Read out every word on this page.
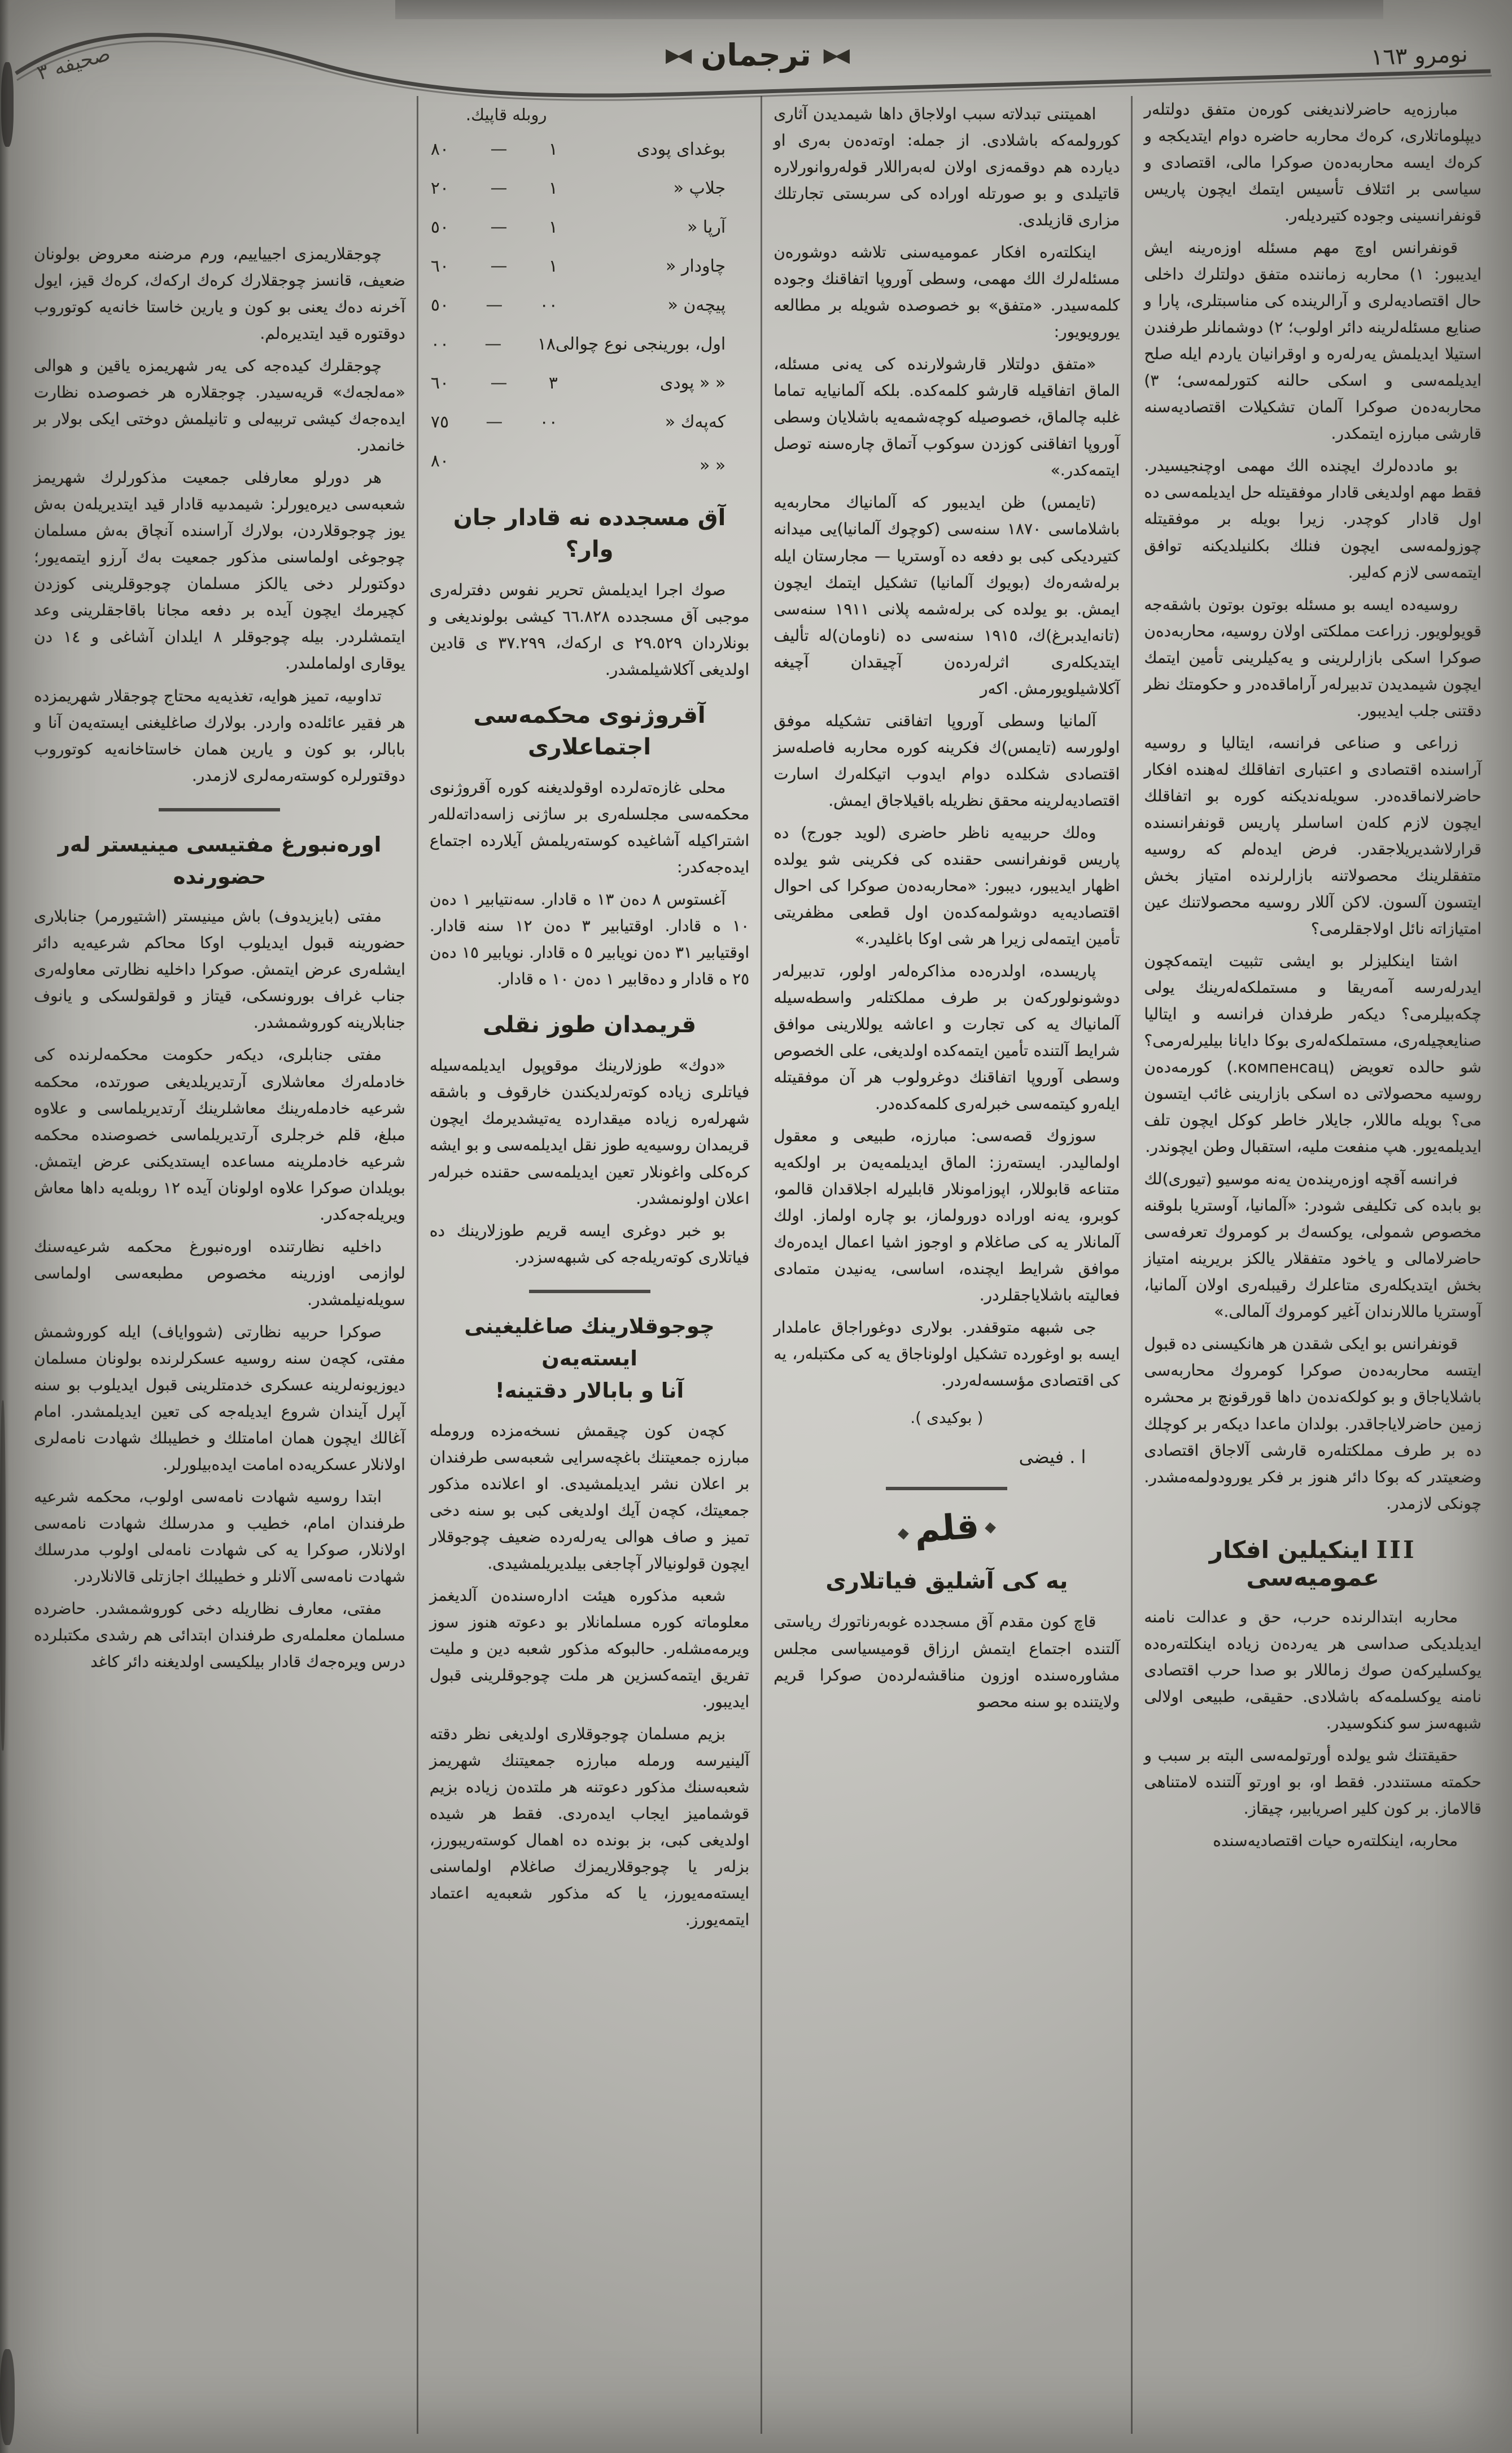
صحيفه ٣	◀▶
ترجمان
◀▶	نومرو ١٦٣
مبارزەيه حاضرلانديغنى كورەن متفق دولتلەر ديپلوماتلارى، كرەك محاربه حاضره دوام ايتديكجه و كرەك ايسه محاربەدەن صوكرا مالى، اقتصادى و سياسى بر ائتلاف تأسيس ايتمك ايچون پاريس قونفرانسينى وجوده كتيرديلەر.
قونفرانس اوچ مهم مسئله اوزەرينه ايش ايديبور: ١) محاربه زماننده متفق دولتلرك داخلى حال اقتصاديەلرى و آرالرينده كى مناسبتلرى، پارا و صنايع مسئلەلرينه دائر اولوب؛ ٢) دوشمانلر طرفندن استيلا ايديلمش يەرلەره و اوقرانيان ياردم ايله صلح ايديلمەسى و اسكى حالنه كتورلمەسى؛ ٣) محاربەدەن صوكرا آلمان تشكيلات اقتصاديەسنه قارشى مبارزه ايتمكدر.
بو ماددەلرك ايچنده الك مهمى اوچنجيسيدر. فقط مهم اولديغى قادار موفقيتله حل ايديلمەسى ده اول قادار كوچدر. زيرا بويله بر موفقيتله چوزولمەسى ايچون فنلك بكلنيلديكنه توافق ايتمەسى لازم كەلير.
روسيەده ايسه بو مسئله بوتون بوتون باشقەجه قويولويور. زراعت مملكتى اولان روسيه، محاربەدەن صوكرا اسكى بازارلرينى و يەكيلرينى تأمين ايتمك ايچون شيمديدن تدبيرلەر آراماقدەدر و حكومتك نظر دقتنى جلب ايديبور.
زراعى و صناعى فرانسه، ايتاليا و روسيه آراسنده اقتصادى و اعتبارى اتفاقلك لەهنده افكار حاضرلانماقدەدر. سويلەنديكنه كوره بو اتفاقلك ايچون لازم كلەن اساسلر پاريس قونفرانسنده قرارلاشديريلاجقدر. فرض ايدەلم كه روسيه متفقلرينك محصولاتنه بازارلرنده امتياز بخش ايتسون آلسون. لاكن آللار روسيه محصولاتنك عين امتيازاته نائل اولاجقلرمى؟
اشتا اينكليزلر بو ايشى تثبيت ايتمەكچون ايدرلەرسه آمەريقا و مستملكەلەرينك يولى چكەبيلرمى؟ ديكەر طرفدان فرانسه و ايتاليا صنايعچيلەرى، مستملكەلەرى بوكا دايانا بيليرلەرمى؟ شو حالده تعويض (компенсац.) كورمەدەن روسيه محصولاتى ده اسكى بازارينى غائب ايتسون مى؟ بويله ماللار، جايلار خاطر كوكل ايچون تلف ايديلمەيور. هپ منفعت مليه، استقبال وطن ايچوندر.
فرانسه آقچه اوزەريندەن يەنه موسيو (تيورى)لك بو بابدە كى تكليفى شودر: «آلمانيا، آوستريا بلوقنه مخصوص شمولى، يوكسەك بر كومروك تعرفەسى حاضرلامالى و ياخود متفقلار يالكز بريرينه امتياز بخش ايتديكلەرى متاعلرك رقيبلەرى اولان آلمانيا، آوستريا ماللارندان آغير كومروك آلمالى.»
قونفرانس بو ايكى شقدن هر هانكيسنى ده قبول ايتسه محاربەدەن صوكرا كومروك محاربەسى باشلاياجاق و بو كولكەندەن داها قورقونچ بر محشره زمين حاضرلاياجاقدر. بولدان ماعدا ديكەر بر كوچلك ده بر طرف مملكتلەره قارشى آلاجاق اقتصادى وضعيتدر كه بوكا دائر هنوز بر فكر يورودولمەمشدر. چونكى لازمدر.
IIIاينكيلين افكار عموميەسى
محاربه ابتدالرنده حرب، حق و عدالت نامنه ايديلديكى صداسى هر يەردەن زياده اينكلتەرەده يوكسليركەن صوك زماللار بو صدا حرب اقتصادى نامنه يوكسلمەكه باشلادى. حقيقى، طبيعى اولالى شبهەسز سو كنكوسيدر.
حقيقتنك شو يولده أورتولمەسى البته بر سبب و حكمته مستنددر. فقط او، بو اورتو آلتنده لامتناهى قالاماز. بر كون كلير اصريابير، چيقاز.
محاربه، اينكلتەره حيات اقتصاديەسنده
اهميتنى تبدلاته سبب اولاجاق داها شيمديدن آثارى كورولمەكه باشلادى. از جمله: اوتەدەن بەرى او ديارده هم دوقمەزى اولان لەبەراللار قولەروانورلاره قاتيلدى و بو صورتله اورادە كى سربستى تجارتلك مزارى قازيلدى.
اينكلتەرە افكار عموميەسنى تلاشه دوشورەن مسئلەلرك الك مهمى، وسطى آوروپا اتفاقنك وجوده كلمەسيدر. «متفق» بو خصوصده شويله بر مطالعه يورويويور:
«متفق دولتلار قارشولارنده كى يەنى مسئله، الماق اتفاقيله قارشو كلمەكده. بلكه آلمانيايه تماما غلبه چالماق، خصوصيله كوچەشمەيه باشلايان وسطى آوروپا اتفاقنى كوزدن سوكوب آتماق چارەسنه توصل ايتمەكدر.»
(تايمس) ظن ايديبور كه آلمانياك محاربەيه باشلاماسى ١٨٧٠ سنەسى (كوچوك آلمانيا)يى ميدانه كتيرديكى كبى بو دفعه ده آوستريا — مجارستان ايله برلەشەرەك (بويوك آلمانيا) تشكيل ايتمك ايچون ايمش. بو يولدە كى برلەشمه پلانى ١٩١١ سنەسى (تانەايدبرغ)ك، ١٩١٥ سنەسى ده (ناومان)لە تأليف ايتديكلەرى اثرلەردەن آچيقدان آچيغه آكلاشيلويورمش. اكەر
آلمانيا وسطى آوروپا اتفاقنى تشكيله موفق اولورسه (تايمس)ك فكرينه كوره محاربه فاصلەسز اقتصادى شكلده دوام ايدوب اتيكلەرك اسارت اقتصاديەلرينه محقق نظريله باقيلاجاق ايمش.
وەلك حربيەيه ناظر حاضرى (لويد جورج) ده پاريس قونفرانسى حقنده كى فكرينى شو يولده اظهار ايديبور، ديبور: «محاربەدەن صوكرا كى احوال اقتصاديەيه دوشولمەكدەن اول قطعى مظفريتى تأمين ايتمەلى زيرا هر شى اوكا باغليدر.»
پاريسده، اولدرەده مذاكرەلەر اولور، تدبيرلەر دوشونولوركەن بر طرف مملكتلەر واسطەسيله آلمانياك يە كى تجارت و اعاشه يوللارينى موافق شرايط آلتنده تأمين ايتمەكده اولديغى، على الخصوص وسطى آوروپا اتفاقنك دوغرولوب هر آن موفقيتله ايلەرو كيتمەسى خبرلەرى كلمەكدەدر.
سوزوك قصەسى: مبارزه، طبيعى و معقول اولماليدر. ايستەرز: الماق ايديلمەيەن بر اولكەيه متناعه قابوللار، اپوزامونلار قابليرله اجلاقدان قالمو، كوبرو، يەنه اوراده دورولماز، بو چاره اولماز. اولك آلمانلار يە كى صاغلام و اوجوز اشيا اعمال ايدەرەك موافق شرايط ايچنده، اساسى، يەنيدن متمادى فعاليته باشلاياجقلردر.
جى شبهه متوقفدر. بولارى دوغوراجاق عاملدار ايسه بو اوغورده تشكيل اولوناجاق يە كى مكتبلەر، يە كى اقتصادى مؤسسەلەردر.
( بوكيدى ).
ا . فيضى
◆قلم◆
يە كى آشليق فياتلارى
قاچ كون مقدم آق مسجدده غوبەرناتورك رياستى آلتنده اجتماع ايتمش ارزاق قوميسياسى مجلس مشاورەسنده اوزون مناقشەلردەن صوكرا قريم ولايتنده بو سنه محصو
روبله قاپيك.
بوغداى پودى
١
—
٨٠
جلاپ «
١
—
٢٠
آرپا «
١
—
٥٠
چاودار «
١
—
٦٠
پيچەن «
٠٠
—
٥٠
اول، بورينجى نوع چوالى
١٨
—
٠٠
« « پودى
٣
—
٦٠
كەپەك «
٠٠
—
٧٥
« «
٨٠
آق مسجدده نه قادار جان وار؟
صوك اجرا ايديلمش تحرير نفوس دفترلەرى موجبى آق مسجدده ٦٦.٨٢٨ كيشى بولونديغى و بونلاردان ٢٩.٥٢٩ ى اركەك، ٣٧.٢٩٩ ى قادين اولديغى آكلاشيلمشدر.
آقروژنوى محكمەسى اجتماعلارى
محلى غازەتەلرده اوقولديغنه كوره آقروژنوى محكمەسى مجلسلەرى بر ساژنى زاسەداتەللەر اشتراكيله آشاغيده كوستەريلمش آيلارده اجتماع ايدەجەكدر:
آغستوس ٨ دەن ١٣ ه قادار. سەنتيابير ١ دەن ١٠ ه قادار. اوقتيابير ٣ دەن ١٢ سنه قادار. اوقتيابير ٣١ دەن نويابير ٥ ه قادار. نويابير ١٥ دەن ٢٥ ه قادار و دەقابير ١ دەن ١٠ ه قادار.
قريمدان طوز نقلى
«دوك» طوزلارينك موقوپول ايديلمەسيله فياتلرى زياده كوتەرلديكندن خارقوف و باشقه شهرلەره زياده ميقدارده يەتيشديرمك ايچون قريمدان روسيەيه طوز نقل ايديلمەسى و بو ايشه كرەكلى واغونلار تعين ايديلمەسى حقنده خبرلەر اعلان اولونمشدر.
بو خبر دوغرى ايسه قريم طوزلارينك ده فياتلارى كوتەريلەجە كى شبهەسزدر.
چوجوقلارينك صاغليغينى ايستەيەن
آنا و بابالار دقتينه!
كچەن كون چيقمش نسخەمزده ورومله مبارزه جمعيتنك باغچەسرايى شعبەسى طرفندان بر اعلان نشر ايديلمشيدى. او اعلانده مذكور جمعيتك، كچەن آيك اولديغى كبى بو سنه دخى تميز و صاف هوالى يەرلەرده ضعيف چوجوقلار ايچون قولونيالار آچاجغى بيلديريلمشيدى.
شعبه مذكوره هيئت ادارەسندەن آلديغمز معلوماته كوره مسلمانلار بو دعوته هنوز سوز ويرمەمشلەر. حالبوكه مذكور شعبه دين و مليت تفريق ايتمەكسزين هر ملت چوجوقلرينى قبول ايديبور.
بزيم مسلمان چوجوقلارى اولديغى نظر دقته آلينيرسه ورمله مبارزه جمعيتنك شهريمز شعبەسنك مذكور دعوتنه هر ملتدەن زياده بزيم قوشماميز ايجاب ايدەردى. فقط هر شيده اولديغى كبى، بز بونده ده اهمال كوستەريبورز، بزلەر يا چوجوقلاريمزك صاغلام اولماسنى ايستەمەيورز، يا كه مذكور شعبەيه اعتماد ايتمەيورز.
چوجقلاريمزى اجيياييم، ورم مرضنه معروض بولونان ضعيف، قانسز چوجقلارك كرەك اركەك، كرەك قيز، ايول آخرنه دەك يعنى بو كون و يارين خاستا خانەيه كوتوروب دوقتوره قيد ايتديرەلم.
چوجقلرك كيدەجە كى يەر شهريمزه ياقين و هوالى «مەلجەك» قريەسيدر. چوجقلاره هر خصوصده نظارت ايدەجەك كيشى تربيەلى و تانيلمش دوختى ايكى بولار بر خانمدر.
هر دورلو معارفلى جمعيت مذكورلرك شهريمز شعبەسى ديرەيورلر: شيمدىيه قادار قيد ايتديريلەن بەش يوز چوجوقلاردن، بولارك آراسنده آنچاق بەش مسلمان چوجوغى اولماسنى مذكور جمعيت بەك آرزو ايتمەيور؛ دوكتورلر دخى يالكز مسلمان چوجوقلرينى كوزدن كچيرمك ايچون آيده بر دفعه مجانا باقاجقلرينى وعد ايتمشلردر. بيلە چوجوقلر ٨ ايلدان آشاغى و ١٤ دن يوقارى اولماملىدر.
تداوىيه، تميز هوايه، تغذيەيه محتاج چوجقلار شهريمزده هر فقير عائلەده واردر. بولارك صاغليغنى ايستەيەن آنا و بابالر، بو كون و يارين همان خاستاخانەيه كوتوروب دوقتورلره كوستەرمەلرى لازمدر.
اورەنبورغ مفتيسى مينيستر لەر
حضورنده
مفتى (بايزيدوف) باش مينيستر (اشتيورمر) جنابلارى حضورينه قبول ايديلوب اوكا محاكم شرعيەيه دائر ايشلەرى عرض ايتمش. صوكرا داخليه نظارتى معاولەرى جناب غراف بورونسكى، قيتاز و قولقولسكى و يانوف جنابلارينه كوروشمشدر.
مفتى جنابلرى، ديكەر حكومت محكمەلرنده كى خادملەرك معاشلارى آرتديريلديغى صورتده، محكمه شرعيه خادملەرينك معاشلرينك آرتديريلماسى و علاوه مبلغ، قلم خرجلرى آرتديريلماسى خصوصنده محكمه شرعيه خادملرينه مساعده ايستديكنى عرض ايتمش. بويلدان صوكرا علاوه اولونان آيده ١٢ روبلەيه داها معاش ويريلەجەكدر.
داخليه نظارتنده اورەنبورغ محكمه شرعيەسنك لوازمى اوزرينه مخصوص مطبعەسى اولماسى سويلەنيلمشدر.
صوكرا حربيه نظارتى (شوواياف) ايله كوروشمش مفتى، كچەن سنه روسيه عسكرلرنده بولونان مسلمان ديوزيونەلرينه عسكرى خدمتلرينى قبول ايديلوب بو سنه آپرل آيندان شروع ايديلەجە كى تعين ايديلمشدر. امام آغالك ايچون همان امامتلك و خطيبلك شهادت نامەلرى اولانلار عسكريەده امامت ايدەبيلورلر.
ابتدا روسيه شهادت نامەسى اولوب، محكمه شرعيه طرفندان امام، خطيب و مدرسلك شهادت نامەسى اولانلار، صوكرا يە كى شهادت نامەلى اولوب مدرسلك شهادت نامەسى آلانلر و خطيبلك اجازتلى قالانلاردر.
مفتى، معارف نظاريله دخى كوروشمشدر. حاضرده مسلمان معلملەرى طرفندان ابتدائى هم رشدى مكتبلرده درس ويرەجەك قادار بيلكيسى اولديغنه دائر كاغد
